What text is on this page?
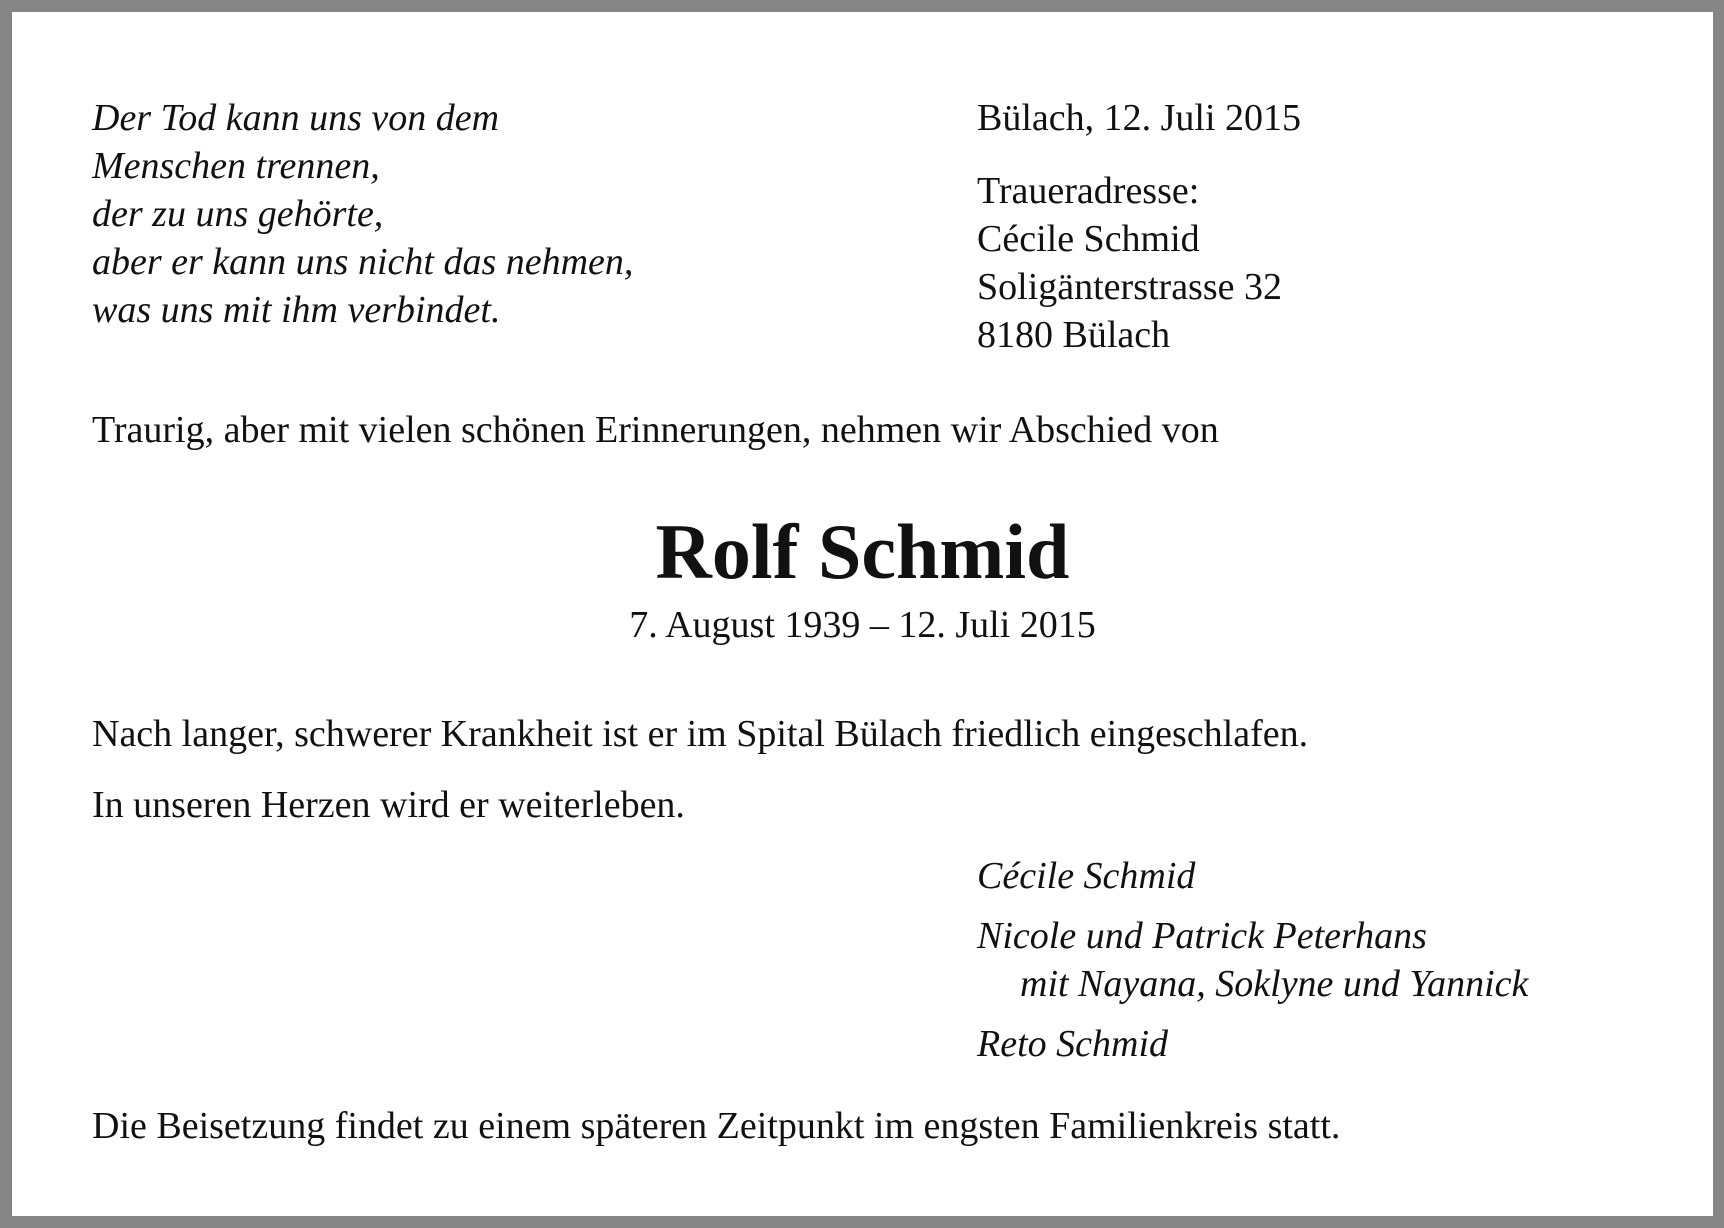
Der Tod kann uns von dem
Menschen trennen,
der zu uns gehörte,
aber er kann uns nicht das nehmen,
was uns mit ihm verbindet.
Bülach, 12. Juli 2015
Traueradresse:
Cécile Schmid
Soligänterstrasse 32
8180 Bülach
Traurig, aber mit vielen schönen Erinnerungen, nehmen wir Abschied von
Rolf Schmid
7. August 1939 – 12. Juli 2015
Nach langer, schwerer Krankheit ist er im Spital Bülach friedlich eingeschlafen.
In unseren Herzen wird er weiterleben.
Cécile Schmid
Nicole und Patrick Peterhans
mit Nayana, Soklyne und Yannick
Reto Schmid
Die Beisetzung findet zu einem späteren Zeitpunkt im engsten Familienkreis statt.
